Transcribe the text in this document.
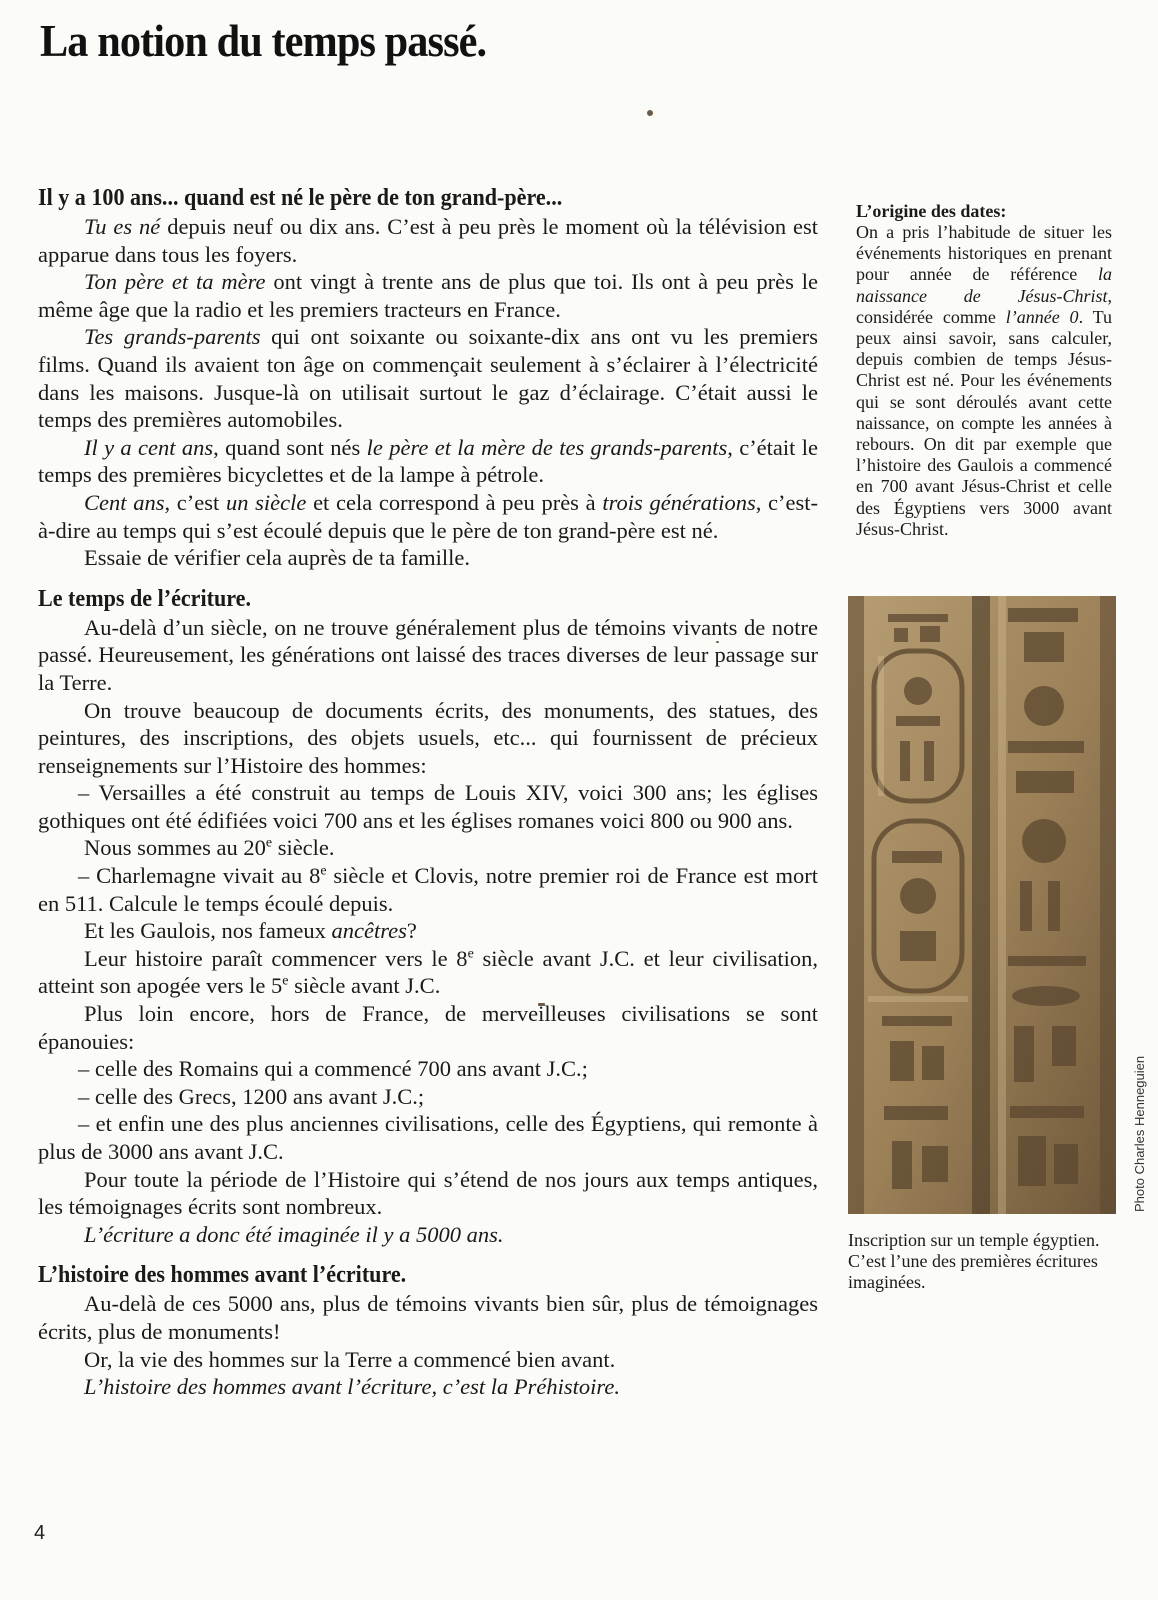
La notion du temps passé.
Il y a 100 ans... quand est né le père de ton grand-père...

Tu es né depuis neuf ou dix ans. C’est à peu près le moment où la télévision est apparue dans tous les foyers.

Ton père et ta mère ont vingt à trente ans de plus que toi. Ils ont à peu près le même âge que la radio et les premiers tracteurs en France.

Tes grands-parents qui ont soixante ou soixante-dix ans ont vu les premiers films. Quand ils avaient ton âge on commençait seulement à s’éclairer à l’électricité dans les maisons. Jusque-là on utilisait surtout le gaz d’éclairage. C’était aussi le temps des premières automobiles.

Il y a cent ans, quand sont nés le père et la mère de tes grands-parents, c’était le temps des premières bicyclettes et de la lampe à pétrole.

Cent ans, c’est un siècle et cela correspond à peu près à trois générations, c’est-à-dire au temps qui s’est écoulé depuis que le père de ton grand-père est né.

Essaie de vérifier cela auprès de ta famille.

Le temps de l’écriture.

Au-delà d’un siècle, on ne trouve généralement plus de témoins vivants de notre passé. Heureusement, les générations ont laissé des traces diverses de leur passage sur la Terre.

On trouve beaucoup de documents écrits, des monuments, des statues, des peintures, des inscriptions, des objets usuels, etc... qui fournissent de précieux renseignements sur l’Histoire des hommes:

– Versailles a été construit au temps de Louis XIV, voici 300 ans; les églises gothiques ont été édifiées voici 700 ans et les églises romanes voici 800 ou 900 ans.

Nous sommes au 20e siècle.

– Charlemagne vivait au 8e siècle et Clovis, notre premier roi de France est mort en 511. Calcule le temps écoulé depuis.

Et les Gaulois, nos fameux ancêtres?

Leur histoire paraît commencer vers le 8e siècle avant J.C. et leur civilisation, atteint son apogée vers le 5e siècle avant J.C.

Plus loin encore, hors de France, de merveilleuses civilisations se sont épanouies:

– celle des Romains qui a commencé 700 ans avant J.C.;

– celle des Grecs, 1200 ans avant J.C.;

– et enfin une des plus anciennes civilisations, celle des Égyptiens, qui remonte à plus de 3000 ans avant J.C.

Pour toute la période de l’Histoire qui s’étend de nos jours aux temps antiques, les témoignages écrits sont nombreux.

L’écriture a donc été imaginée il y a 5000 ans.

L’histoire des hommes avant l’écriture.

Au-delà de ces 5000 ans, plus de témoins vivants bien sûr, plus de témoignages écrits, plus de monuments!

Or, la vie des hommes sur la Terre a commencé bien avant.

L’histoire des hommes avant l’écriture, c’est la Préhistoire.

L’origine des dates:

On a pris l’habitude de situer les événements historiques en prenant pour année de référence la naissance de Jésus-Christ, considérée comme l’année 0. Tu peux ainsi savoir, sans calculer, depuis combien de temps Jésus-Christ est né. Pour les événements qui se sont déroulés avant cette naissance, on compte les années à rebours. On dit par exemple que l’histoire des Gaulois a commencé en 700 avant Jésus-Christ et celle des Égyptiens vers 3000 avant Jésus-Christ.

Photo Charles Henneguien
Inscription sur un temple égyptien. C’est l’une des premières écritures imaginées.
4
